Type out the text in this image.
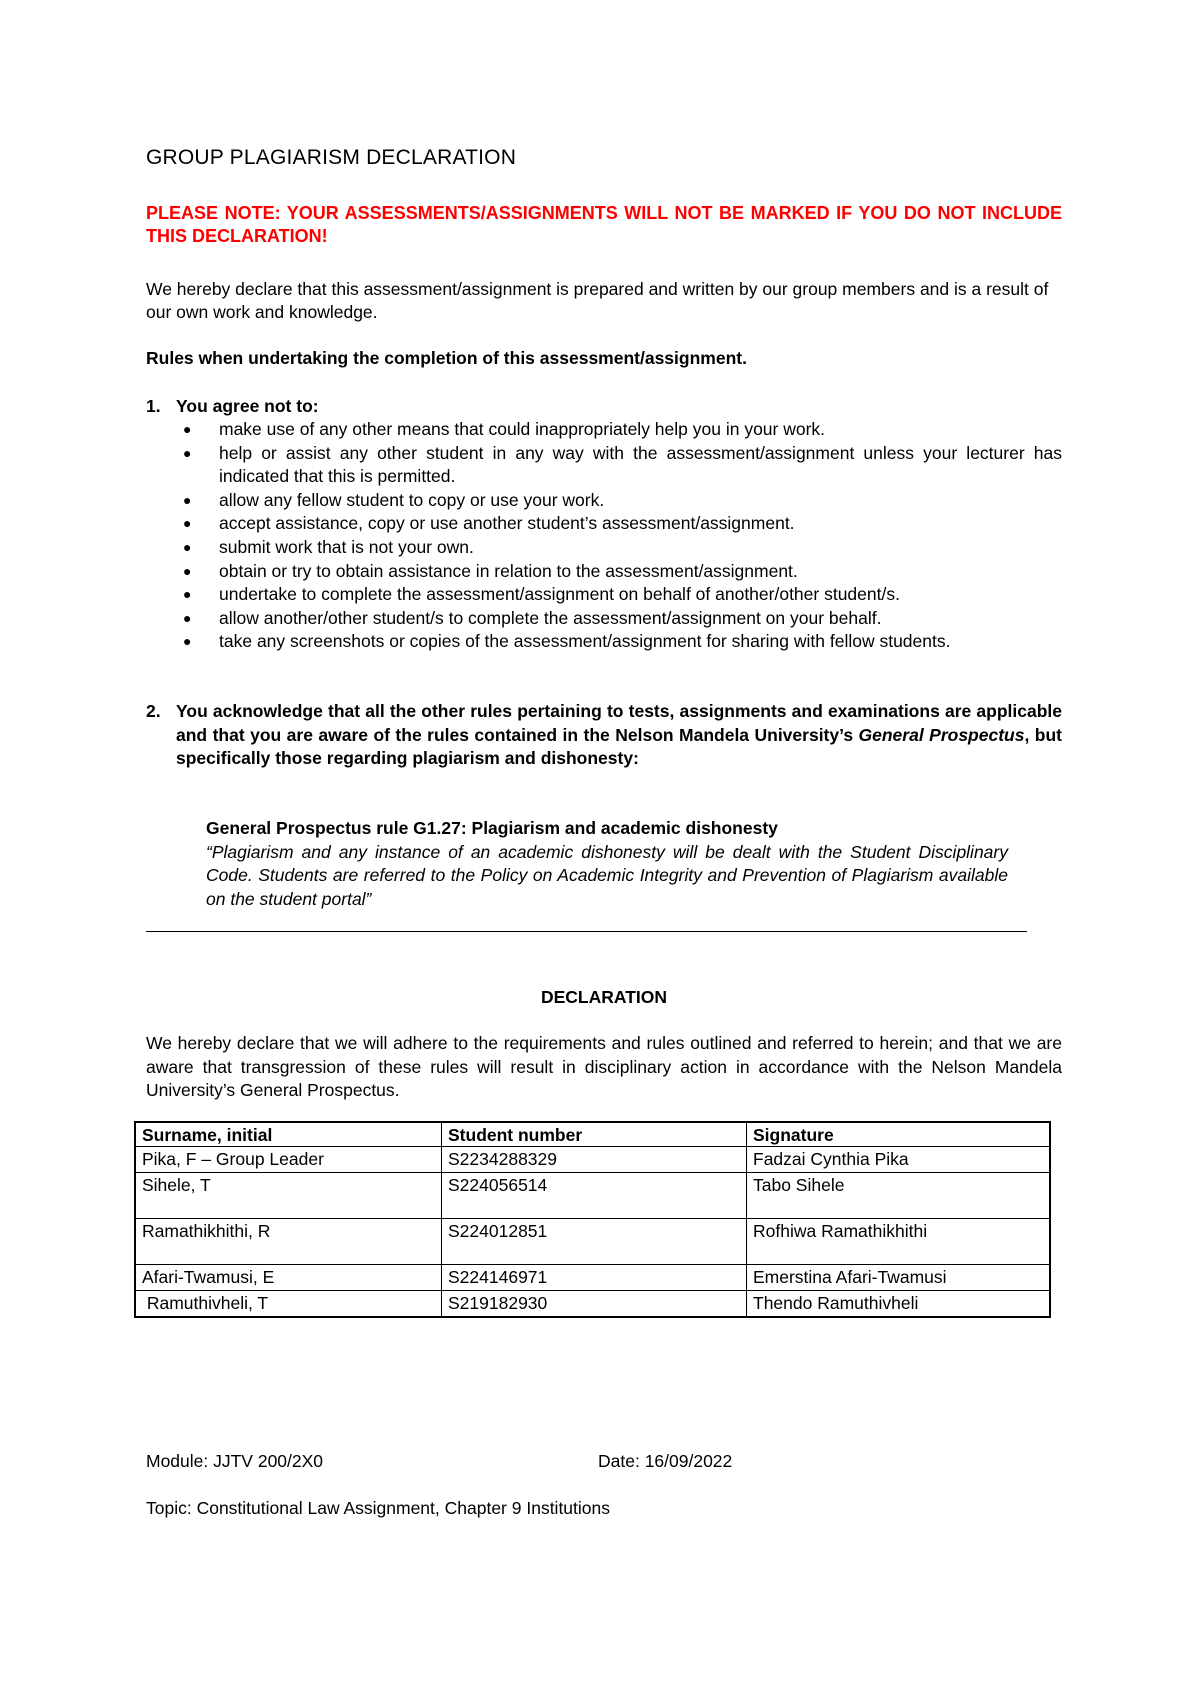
GROUP PLAGIARISM DECLARATION
PLEASE NOTE: YOUR ASSESSMENTS/ASSIGNMENTS WILL NOT BE MARKED IF YOU DO NOT INCLUDE THIS DECLARATION!
We hereby declare that this assessment/assignment is prepared and written by our group members and is a result of our own work and knowledge.
Rules when undertaking the completion of this assessment/assignment.
1. You agree not to:
● make use of any other means that could inappropriately help you in your work.
● help or assist any other student in any way with the assessment/assignment unless your lecturer has indicated that this is permitted.
● allow any fellow student to copy or use your work.
● accept assistance, copy or use another student’s assessment/assignment.
● submit work that is not your own.
● obtain or try to obtain assistance in relation to the assessment/assignment.
● undertake to complete the assessment/assignment on behalf of another/other student/s.
● allow another/other student/s to complete the assessment/assignment on your behalf.
● take any screenshots or copies of the assessment/assignment for sharing with fellow students.
2. You acknowledge that all the other rules pertaining to tests, assignments and examinations are applicable and that you are aware of the rules contained in the Nelson Mandela University’s General Prospectus, but specifically those regarding plagiarism and dishonesty:
General Prospectus rule G1.27: Plagiarism and academic dishonesty
“Plagiarism and any instance of an academic dishonesty will be dealt with the Student Disciplinary Code. Students are referred to the Policy on Academic Integrity and Prevention of Plagiarism available on the student portal”
DECLARATION
We hereby declare that we will adhere to the requirements and rules outlined and referred to herein; and that we are aware that transgression of these rules will result in disciplinary action in accordance with the Nelson Mandela University’s General Prospectus.
Surname, initial	Student number	Signature
Pika, F – Group Leader	S2234288329	Fadzai Cynthia Pika
Sihele, T	S224056514	Tabo Sihele
Ramathikhithi, R	S224012851	Rofhiwa Ramathikhithi
Afari-Twamusi, E	S224146971	Emerstina Afari-Twamusi
Ramuthivheli, T	S219182930	Thendo Ramuthivheli
Module: JJTV 200/2X0	Date: 16/09/2022
Topic: Constitutional Law Assignment, Chapter 9 Institutions
